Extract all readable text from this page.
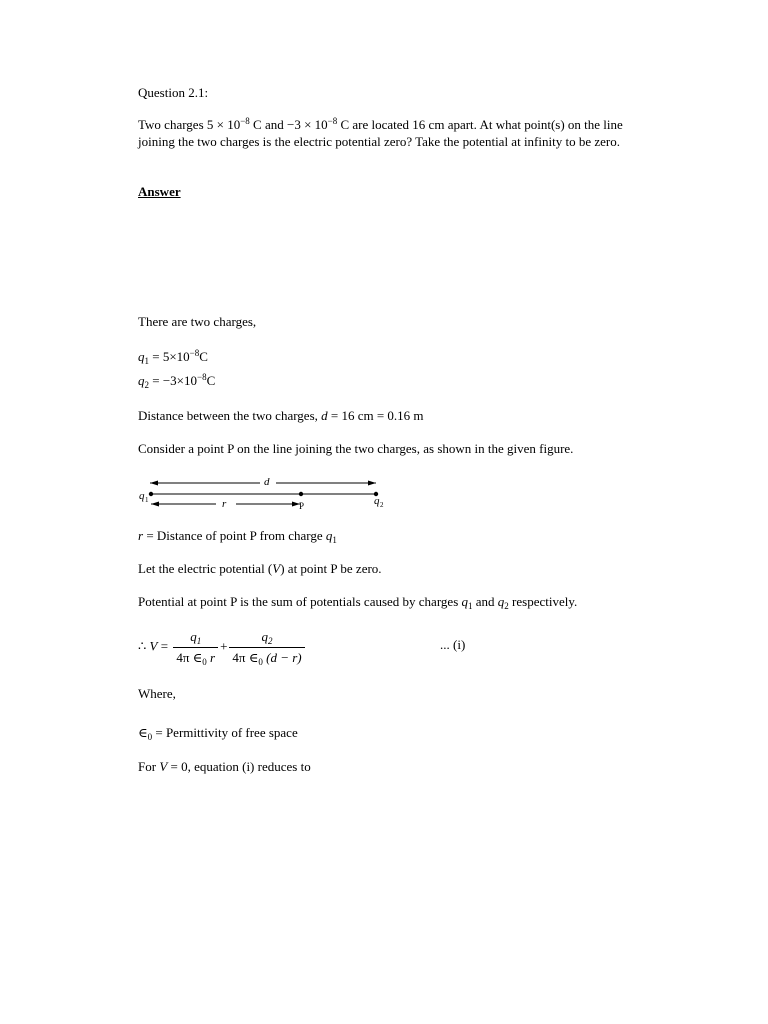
Question 2.1:
Two charges $5 \times 10^{-8}$ C and $-3 \times 10^{-8}$ C are located 16 cm apart. At what point(s) on the line joining the two charges is the electric potential zero? Take the potential at infinity to be zero.
Answer
There are two charges,
$q_1 = 5\times 10^{-8}C$
$q_2 = -3\times 10^{-8}C$
Distance between the two charges, d = 16 cm = 0.16 m
Consider a point P on the line joining the two charges, as shown in the given figure.
d
r	P
q 1	q 2
r = Distance of point P from charge $q_1$
Let the electric potential (V) at point P be zero.
Potential at point P is the sum of potentials caused by charges $q_1$ and $q_2$ respectively.
∴ $V = \frac{q_1}{4\pi \in_0 r} + \frac{q_2}{4\pi \in_0 (d - r)}$	... (i)
Where,
$\in_0$ = Permittivity of free space
For V = 0, equation (i) reduces to
